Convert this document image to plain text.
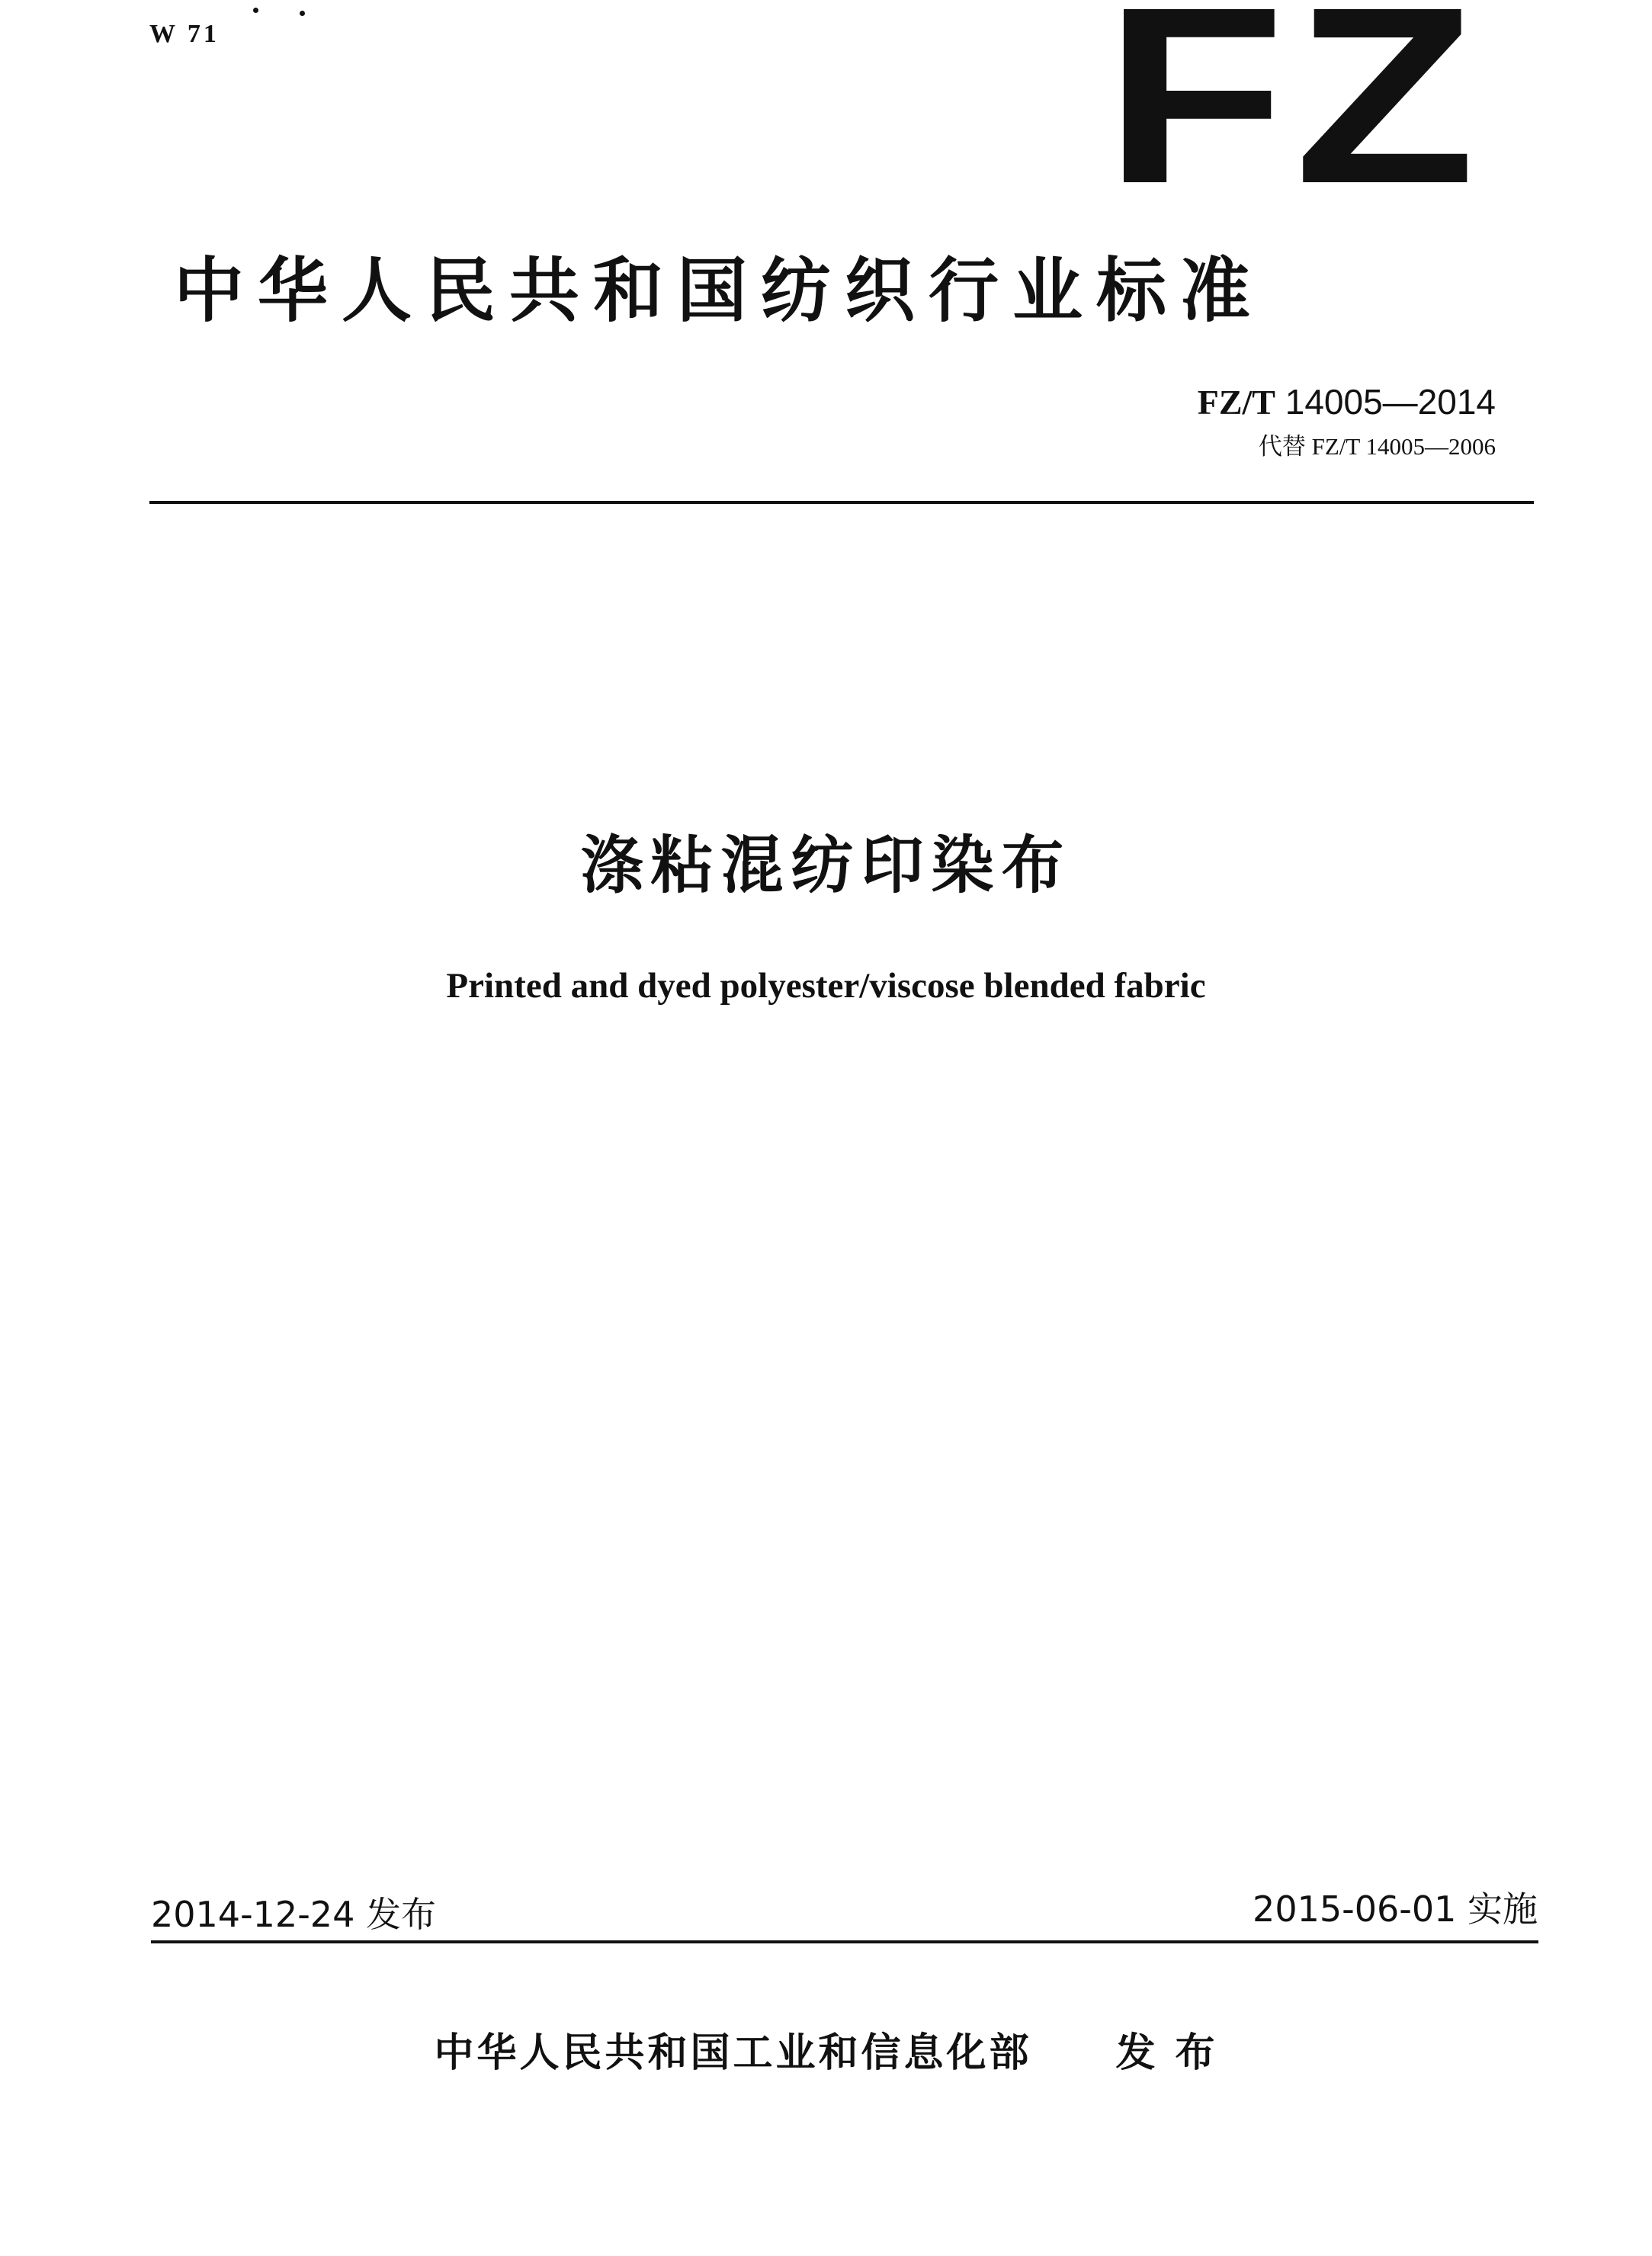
W 71	FZ
中华人民共和国纺织行业标准
FZ/T 14005—2014
代替 FZ/T 14005—2006
涤粘混纺印染布
Printed and dyed polyester/viscose blended fabric
2014-12-24 发布	2015-06-01 实施
中华人民共和国工业和信息化部 发 布
